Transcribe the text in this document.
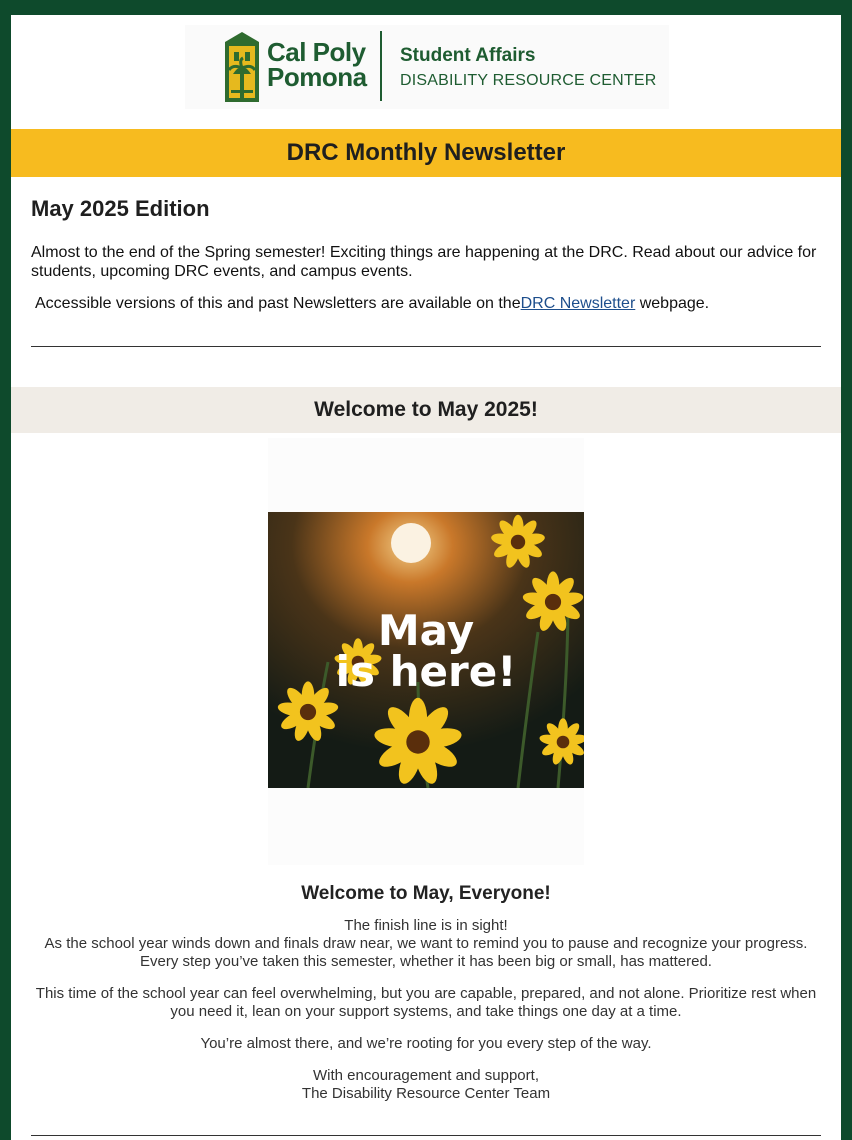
Cal Poly
Pomona
Student Affairs
DISABILITY RESOURCE CENTER
DRC Monthly Newsletter
May 2025 Edition

Almost to the end of the Spring semester! Exciting things are happening at the DRC. Read about our advice for students, upcoming DRC events, and campus events.

Accessible versions of this and past Newsletters are available on theDRC Newsletter webpage.

Welcome to May 2025!
May
is here!
Welcome to May, Everyone!

The finish line is in sight!
As the school year winds down and finals draw near, we want to remind you to pause and recognize your progress.
Every step you’ve taken this semester, whether it has been big or small, has mattered.

This time of the school year can feel overwhelming, but you are capable, prepared, and not alone. Prioritize rest when you need it, lean on your support systems, and take things one day at a time.

You’re almost there, and we’re rooting for you every step of the way.

With encouragement and support,
The Disability Resource Center Team
